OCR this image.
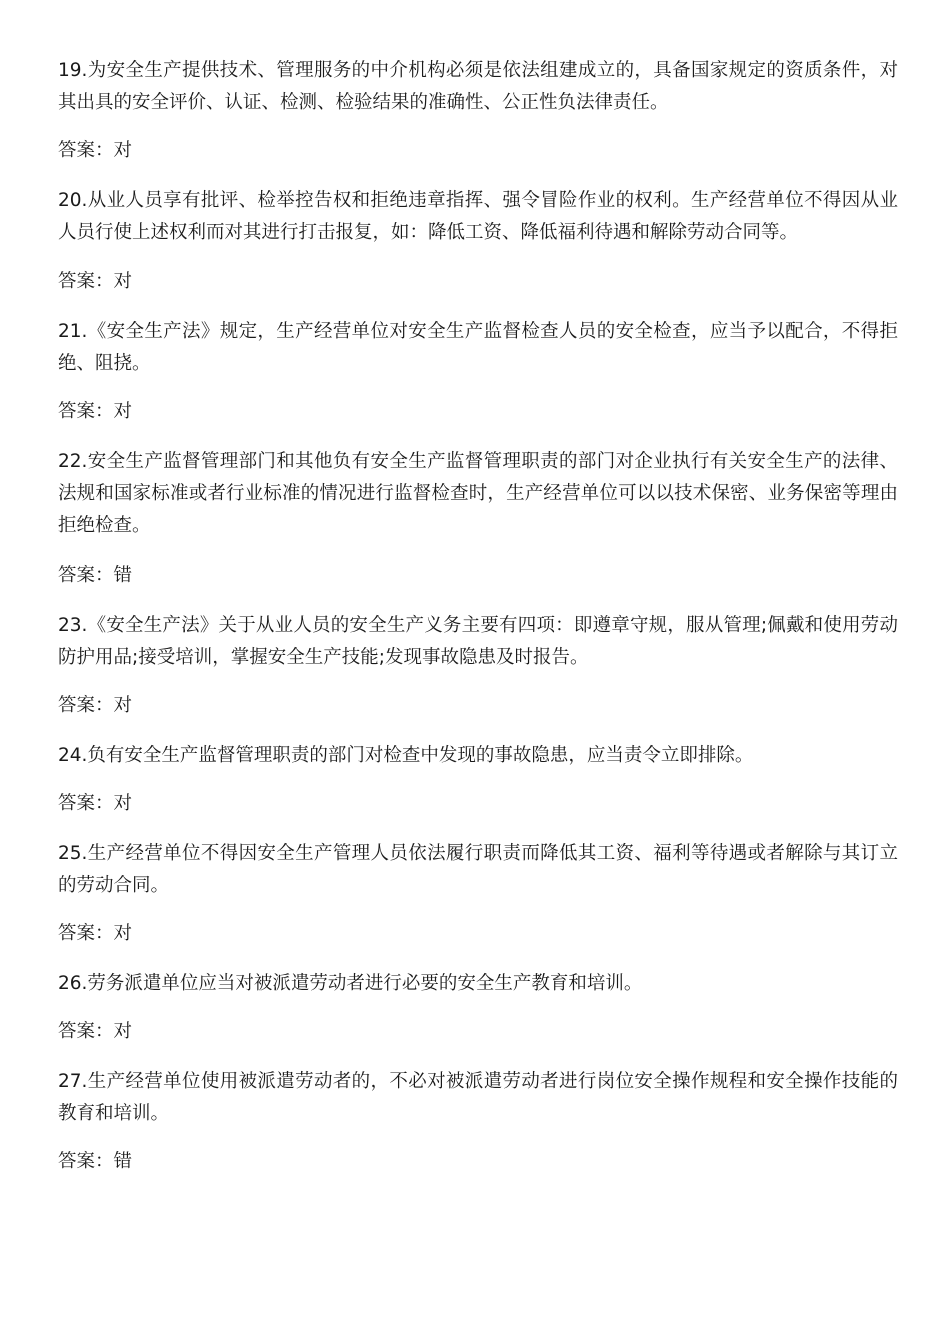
19.为安全生产提供技术、管理服务的中介机构必须是依法组建成立的，具备国家规定的资质条件，对其出具的安全评价、认证、检测、检验结果的准确性、公正性负法律责任。

答案：对

20.从业人员享有批评、检举控告权和拒绝违章指挥、强令冒险作业的权利。生产经营单位不得因从业人员行使上述权利而对其进行打击报复，如：降低工资、降低福利待遇和解除劳动合同等。

答案：对

21.《安全生产法》规定，生产经营单位对安全生产监督检查人员的安全检查，应当予以配合，不得拒绝、阻挠。

答案：对

22.安全生产监督管理部门和其他负有安全生产监督管理职责的部门对企业执行有关安全生产的法律、法规和国家标准或者行业标准的情况进行监督检查时，生产经营单位可以以技术保密、业务保密等理由拒绝检查。

答案：错

23.《安全生产法》关于从业人员的安全生产义务主要有四项：即遵章守规，服从管理;佩戴和使用劳动防护用品;接受培训，掌握安全生产技能;发现事故隐患及时报告。

答案：对

24.负有安全生产监督管理职责的部门对检查中发现的事故隐患，应当责令立即排除。

答案：对

25.生产经营单位不得因安全生产管理人员依法履行职责而降低其工资、福利等待遇或者解除与其订立的劳动合同。

答案：对

26.劳务派遣单位应当对被派遣劳动者进行必要的安全生产教育和培训。

答案：对

27.生产经营单位使用被派遣劳动者的，不必对被派遣劳动者进行岗位安全操作规程和安全操作技能的教育和培训。

答案：错
